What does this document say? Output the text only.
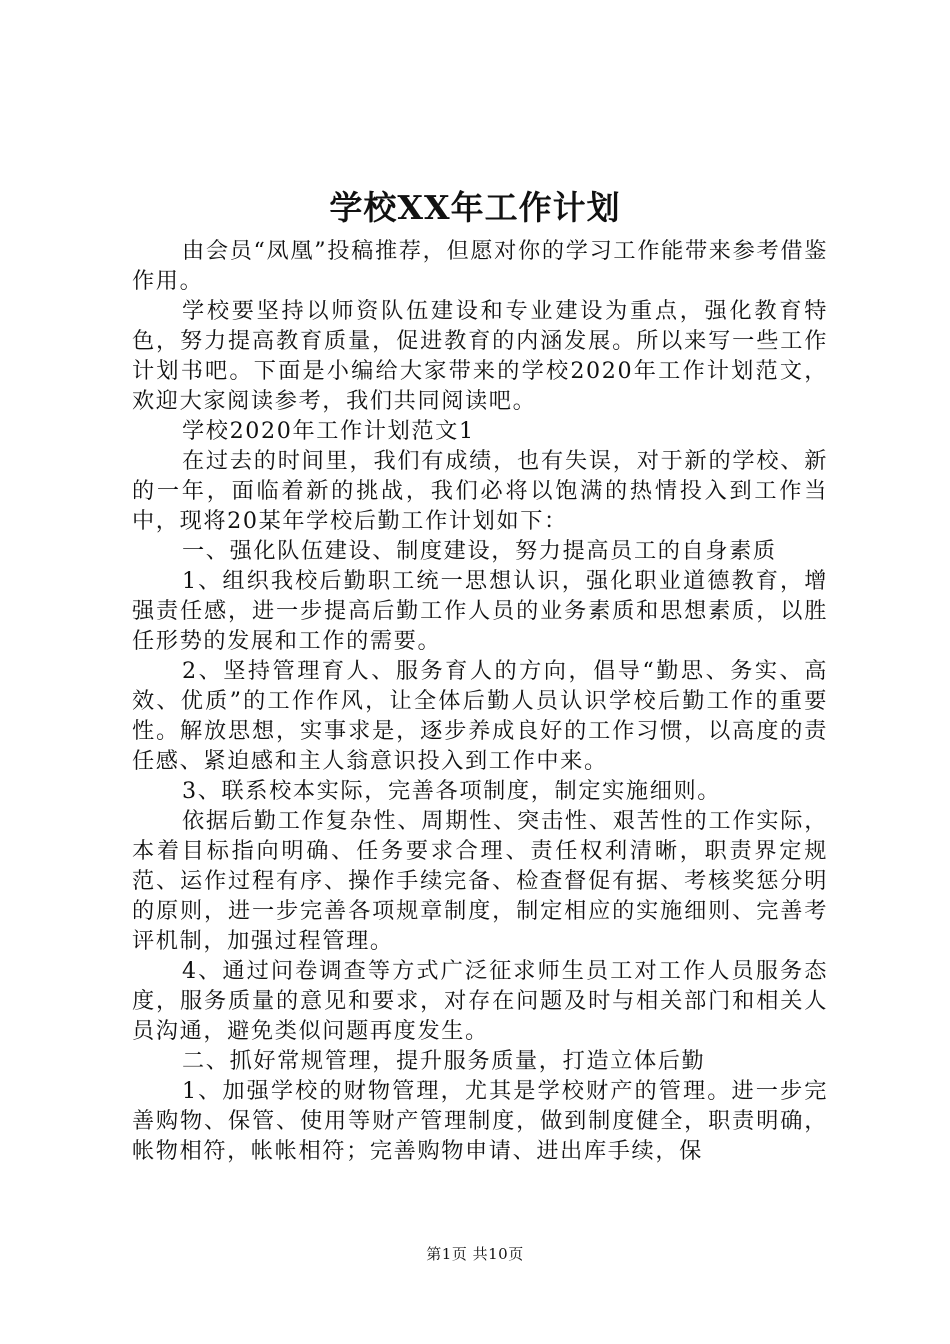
学校XX年工作计划

由会员“凤凰”投稿推荐，但愿对你的学习工作能带来参考借鉴作用。

学校要坚持以师资队伍建设和专业建设为重点，强化教育特色，努力提高教育质量，促进教育的内涵发展。所以来写一些工作计划书吧。下面是小编给大家带来的学校2020年工作计划范文，欢迎大家阅读参考，我们共同阅读吧。

学校2020年工作计划范文1

在过去的时间里，我们有成绩，也有失误，对于新的学校、新的一年，面临着新的挑战，我们必将以饱满的热情投入到工作当中，现将20某年学校后勤工作计划如下：

一、强化队伍建设、制度建设，努力提高员工的自身素质

1、组织我校后勤职工统一思想认识，强化职业道德教育，增强责任感，进一步提高后勤工作人员的业务素质和思想素质，以胜任形势的发展和工作的需要。

2、坚持管理育人、服务育人的方向，倡导“勤思、务实、高效、优质”的工作作风，让全体后勤人员认识学校后勤工作的重要性。解放思想，实事求是，逐步养成良好的工作习惯，以高度的责任感、紧迫感和主人翁意识投入到工作中来。

3、联系校本实际，完善各项制度，制定实施细则。

依据后勤工作复杂性、周期性、突击性、艰苦性的工作实际，本着目标指向明确、任务要求合理、责任权利清晰，职责界定规范、运作过程有序、操作手续完备、检查督促有据、考核奖惩分明的原则，进一步完善各项规章制度，制定相应的实施细则、完善考评机制，加强过程管理。

4、通过问卷调查等方式广泛征求师生员工对工作人员服务态度，服务质量的意见和要求，对存在问题及时与相关部门和相关人员沟通，避免类似问题再度发生。

二、抓好常规管理，提升服务质量，打造立体后勤

1、加强学校的财物管理，尤其是学校财产的管理。进一步完善购物、保管、使用等财产管理制度，做到制度健全，职责明确，帐物相符，帐帐相符；完善购物申请、进出库手续，保

第1页 共10页
